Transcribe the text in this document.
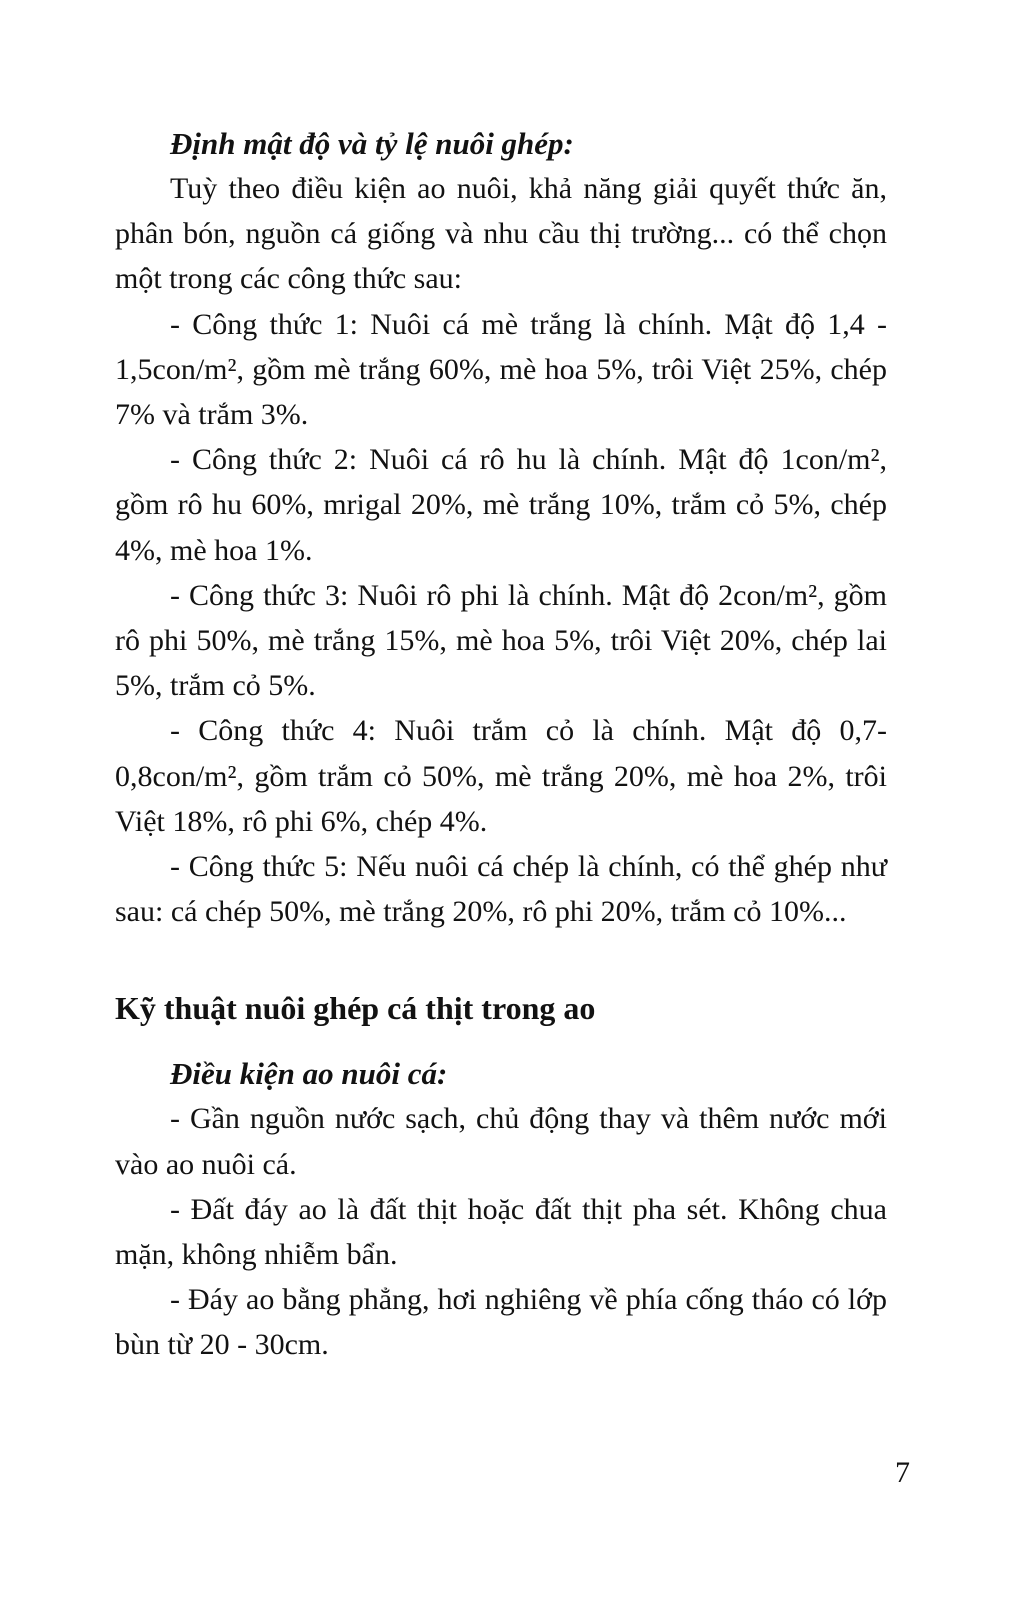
Định mật độ và tỷ lệ nuôi ghép:

Tuỳ theo điều kiện ao nuôi, khả năng giải quyết thức ăn, phân bón, nguồn cá giống và nhu cầu thị trường... có thể chọn một trong các công thức sau:

- Công thức 1: Nuôi cá mè trắng là chính. Mật độ 1,4 - 1,5con/m², gồm mè trắng 60%, mè hoa 5%, trôi Việt 25%, chép 7% và trắm 3%.

- Công thức 2: Nuôi cá rô hu là chính. Mật độ 1con/m², gồm rô hu 60%, mrigal 20%, mè trắng 10%, trắm cỏ 5%, chép 4%, mè hoa 1%.

- Công thức 3: Nuôi rô phi là chính. Mật độ 2con/m², gồm rô phi 50%, mè trắng 15%, mè hoa 5%, trôi Việt 20%, chép lai 5%, trắm cỏ 5%.

- Công thức 4: Nuôi trắm cỏ là chính. Mật độ 0,7- 0,8con/m², gồm trắm cỏ 50%, mè trắng 20%, mè hoa 2%, trôi Việt 18%, rô phi 6%, chép 4%.

- Công thức 5: Nếu nuôi cá chép là chính, có thể ghép như sau: cá chép 50%, mè trắng 20%, rô phi 20%, trắm cỏ 10%...

Kỹ thuật nuôi ghép cá thịt trong ao

Điều kiện ao nuôi cá:

- Gần nguồn nước sạch, chủ động thay và thêm nước mới vào ao nuôi cá.

- Đất đáy ao là đất thịt hoặc đất thịt pha sét. Không chua mặn, không nhiễm bẩn.

- Đáy ao bằng phẳng, hơi nghiêng về phía cống tháo có lớp bùn từ 20 - 30cm.

7
